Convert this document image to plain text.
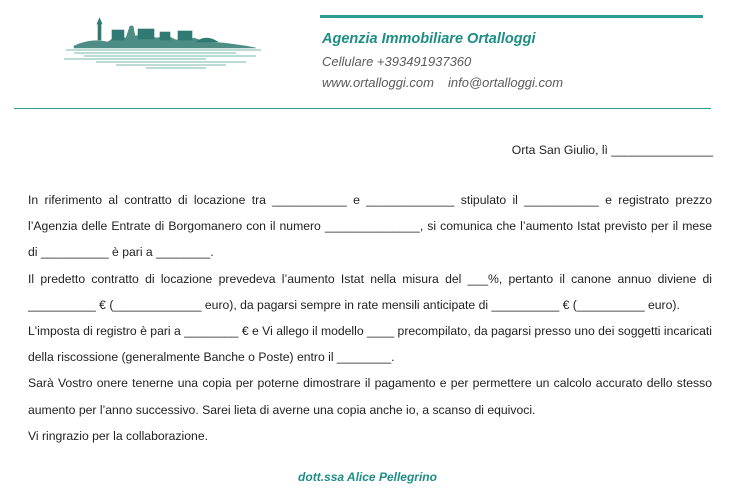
Agenzia Immobiliare Ortalloggi
Cellulare +393491937360
www.ortalloggi.com info@ortalloggi.com
Orta San Giulio, lì _______________

In riferimento al contratto di locazione tra ___________ e _____________ stipulato il ___________ e registrato prezzo l’Agenzia delle Entrate di Borgomanero con il numero ______________, si comunica che l’aumento Istat previsto per il mese di __________ è pari a ________.

Il predetto contratto di locazione prevedeva l’aumento Istat nella misura del ___%, pertanto il canone annuo diviene di __________ € (_____________ euro), da pagarsi sempre in rate mensili anticipate di __________ € (__________ euro).

L'imposta di registro è pari a ________ € e Vi allego il modello ____ precompilato, da pagarsi presso uno dei soggetti incaricati della riscossione (generalmente Banche o Poste) entro il ________.

Sarà Vostro onere tenerne una copia per poterne dimostrare il pagamento e per permettere un calcolo accurato dello stesso aumento per l’anno successivo. Sarei lieta di averne una copia anche io, a scanso di equivoci.

Vi ringrazio per la collaborazione.

dott.ssa Alice Pellegrino
